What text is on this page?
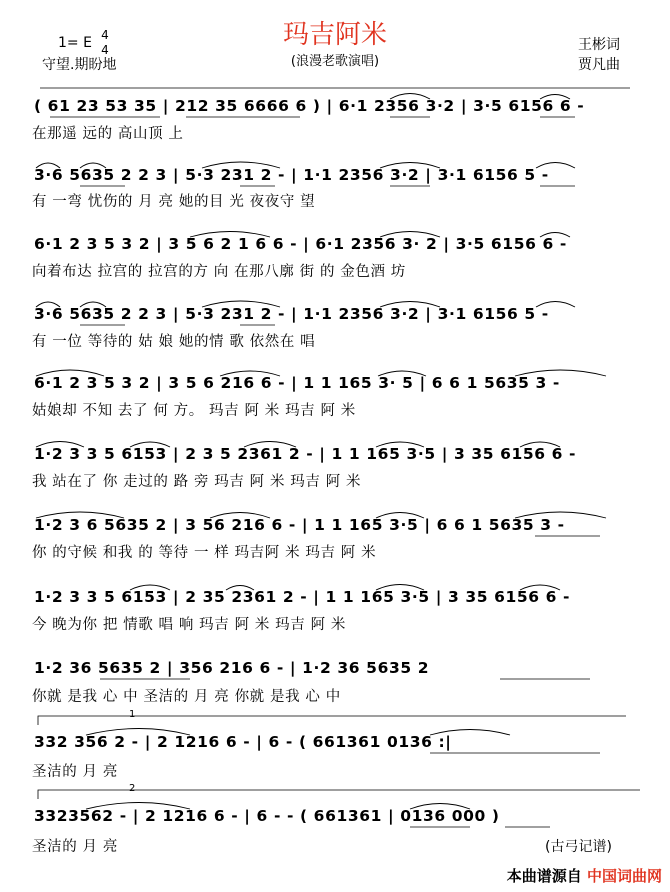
1= E 4
4
守望.期盼地
玛吉阿米
(浪漫老歌演唱)
王彬词
贾凡曲
( 61 23 53 35 | 212 35 6666 6 ) | 6·1 2356 3·2 | 3·5 6156 6 -
在那遥 远的 高山顶 上
3·6 5635 2 2 3 | 5·3 231 2 - | 1·1 2356 3·2 | 3·1 6156 5 -
有 一弯 忧伤的 月 亮 她的目 光 夜夜守 望
6·1 2 3 5 3 2 | 3 5 6 2 1 6 6 - | 6·1 2356 3· 2 | 3·5 6156 6 -
向着布达 拉宫的 拉宫的方 向 在那八廓 街 的 金色酒 坊
3·6 5635 2 2 3 | 5·3 231 2 - | 1·1 2356 3·2 | 3·1 6156 5 -
有 一位 等待的 姑 娘 她的情 歌 依然在 唱
6·1 2 3 5 3 2 | 3 5 6 216 6 - | 1 1 165 3· 5 | 6 6 1 5635 3 -
姑娘却 不知 去了 何 方。 玛吉 阿 米 玛吉 阿 米
1·2 3 3 5 6153 | 2 3 5 2361 2 - | 1 1 165 3·5 | 3 35 6156 6 -
我 站在了 你 走过的 路 旁 玛吉 阿 米 玛吉 阿 米
1·2 3 6 5635 2 | 3 56 216 6 - | 1 1 165 3·5 | 6 6 1 5635 3 -
你 的守候 和我 的 等待 一 样 玛吉阿 米 玛吉 阿 米
1·2 3 3 5 6153 | 2 35 2361 2 - | 1 1 165 3·5 | 3 35 6156 6 -
今 晚为你 把 情歌 唱 响 玛吉 阿 米 玛吉 阿 米
1·2 36 5635 2 | 356 216 6 - | 1·2 36 5635 2
你就 是我 心 中 圣洁的 月 亮 你就 是我 心 中
1
332 356 2 - | 2 1216 6 - | 6 - ( 661361 0136 :|
圣洁的 月 亮
2
3323562 - | 2 1216 6 - | 6 - - ( 661361 | 0136 000 )
圣洁的 月 亮	(古弓记谱)
本曲谱源自 中国词曲网
